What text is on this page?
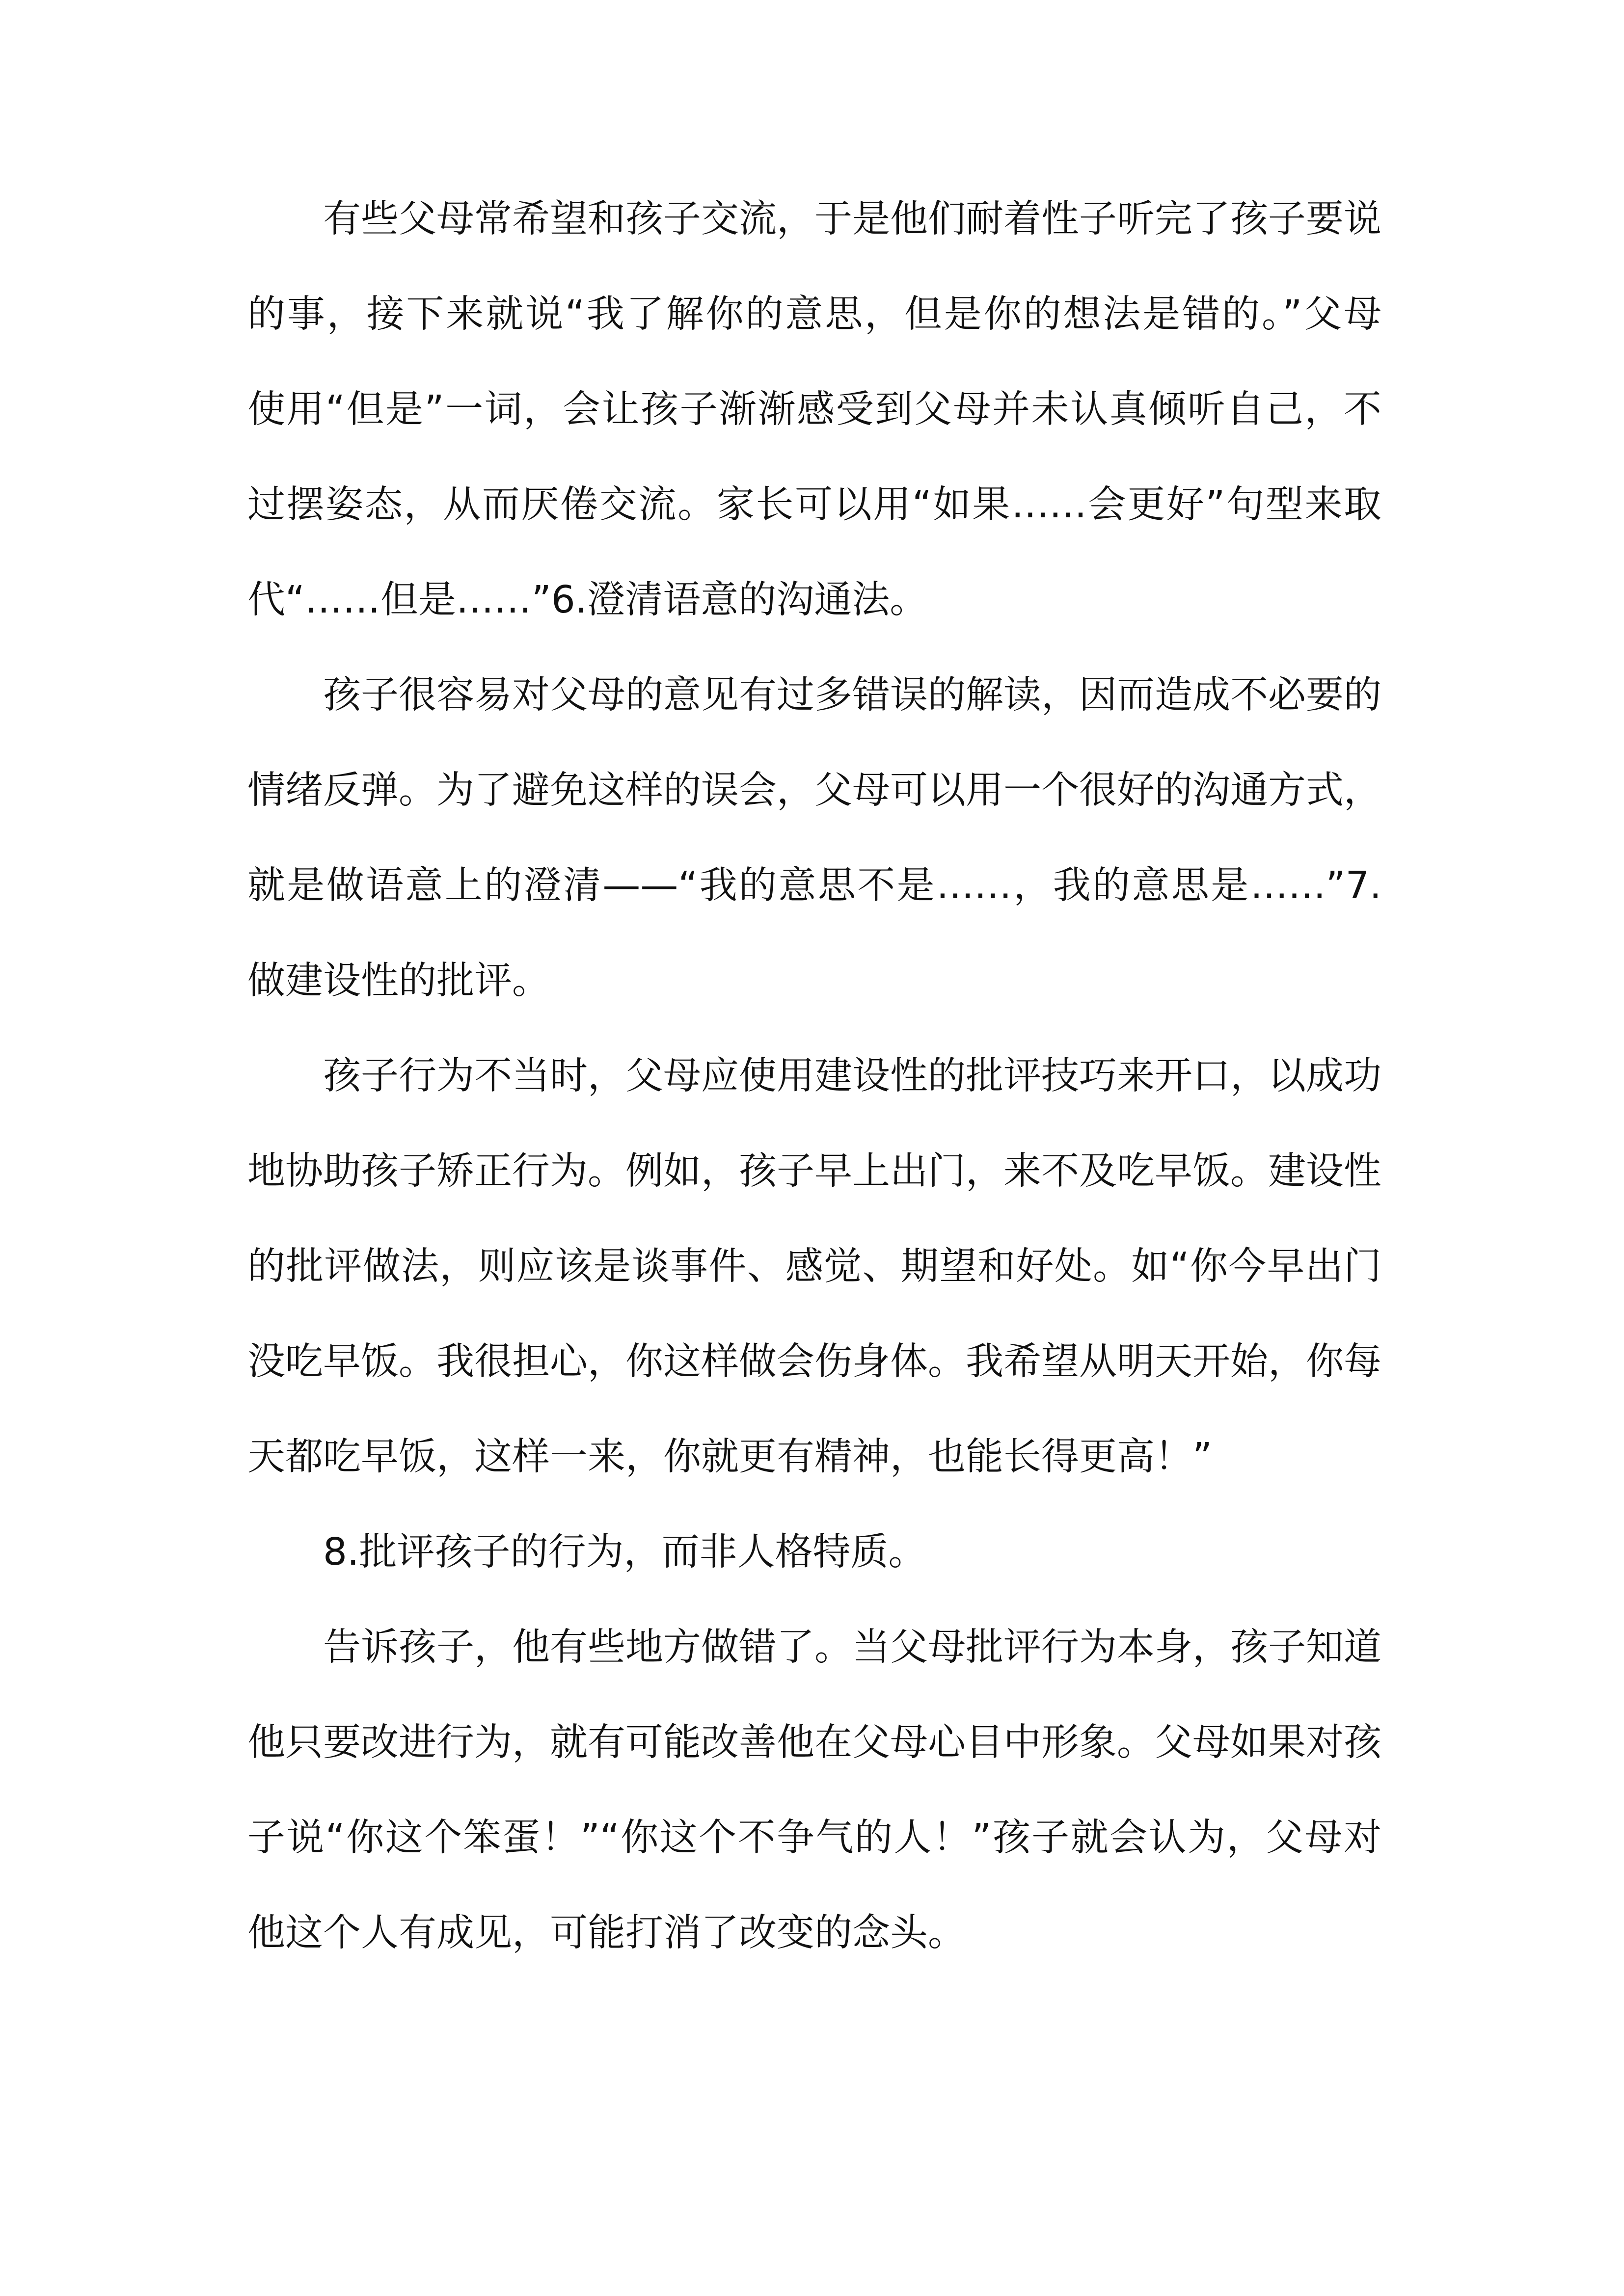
有些父母常希望和孩子交流，于是他们耐着性子听完了孩子要说

的事，接下来就说“我了解你的意思，但是你的想法是错的。”父母

使用“但是”一词，会让孩子渐渐感受到父母并未认真倾听自己，不

过摆姿态，从而厌倦交流。家长可以用“如果……会更好”句型来取

代“……但是……”6.澄清语意的沟通法。

孩子很容易对父母的意见有过多错误的解读，因而造成不必要的

情绪反弹。为了避免这样的误会，父母可以用一个很好的沟通方式，

就是做语意上的澄清——“我的意思不是……，我的意思是……”7.

做建设性的批评。

孩子行为不当时，父母应使用建设性的批评技巧来开口，以成功

地协助孩子矫正行为。例如，孩子早上出门，来不及吃早饭。建设性

的批评做法，则应该是谈事件、感觉、期望和好处。如“你今早出门

没吃早饭。我很担心，你这样做会伤身体。我希望从明天开始，你每

天都吃早饭，这样一来，你就更有精神，也能长得更高！”

8.批评孩子的行为，而非人格特质。

告诉孩子，他有些地方做错了。当父母批评行为本身，孩子知道

他只要改进行为，就有可能改善他在父母心目中形象。父母如果对孩

子说“你这个笨蛋！”“你这个不争气的人！”孩子就会认为，父母对

他这个人有成见，可能打消了改变的念头。
